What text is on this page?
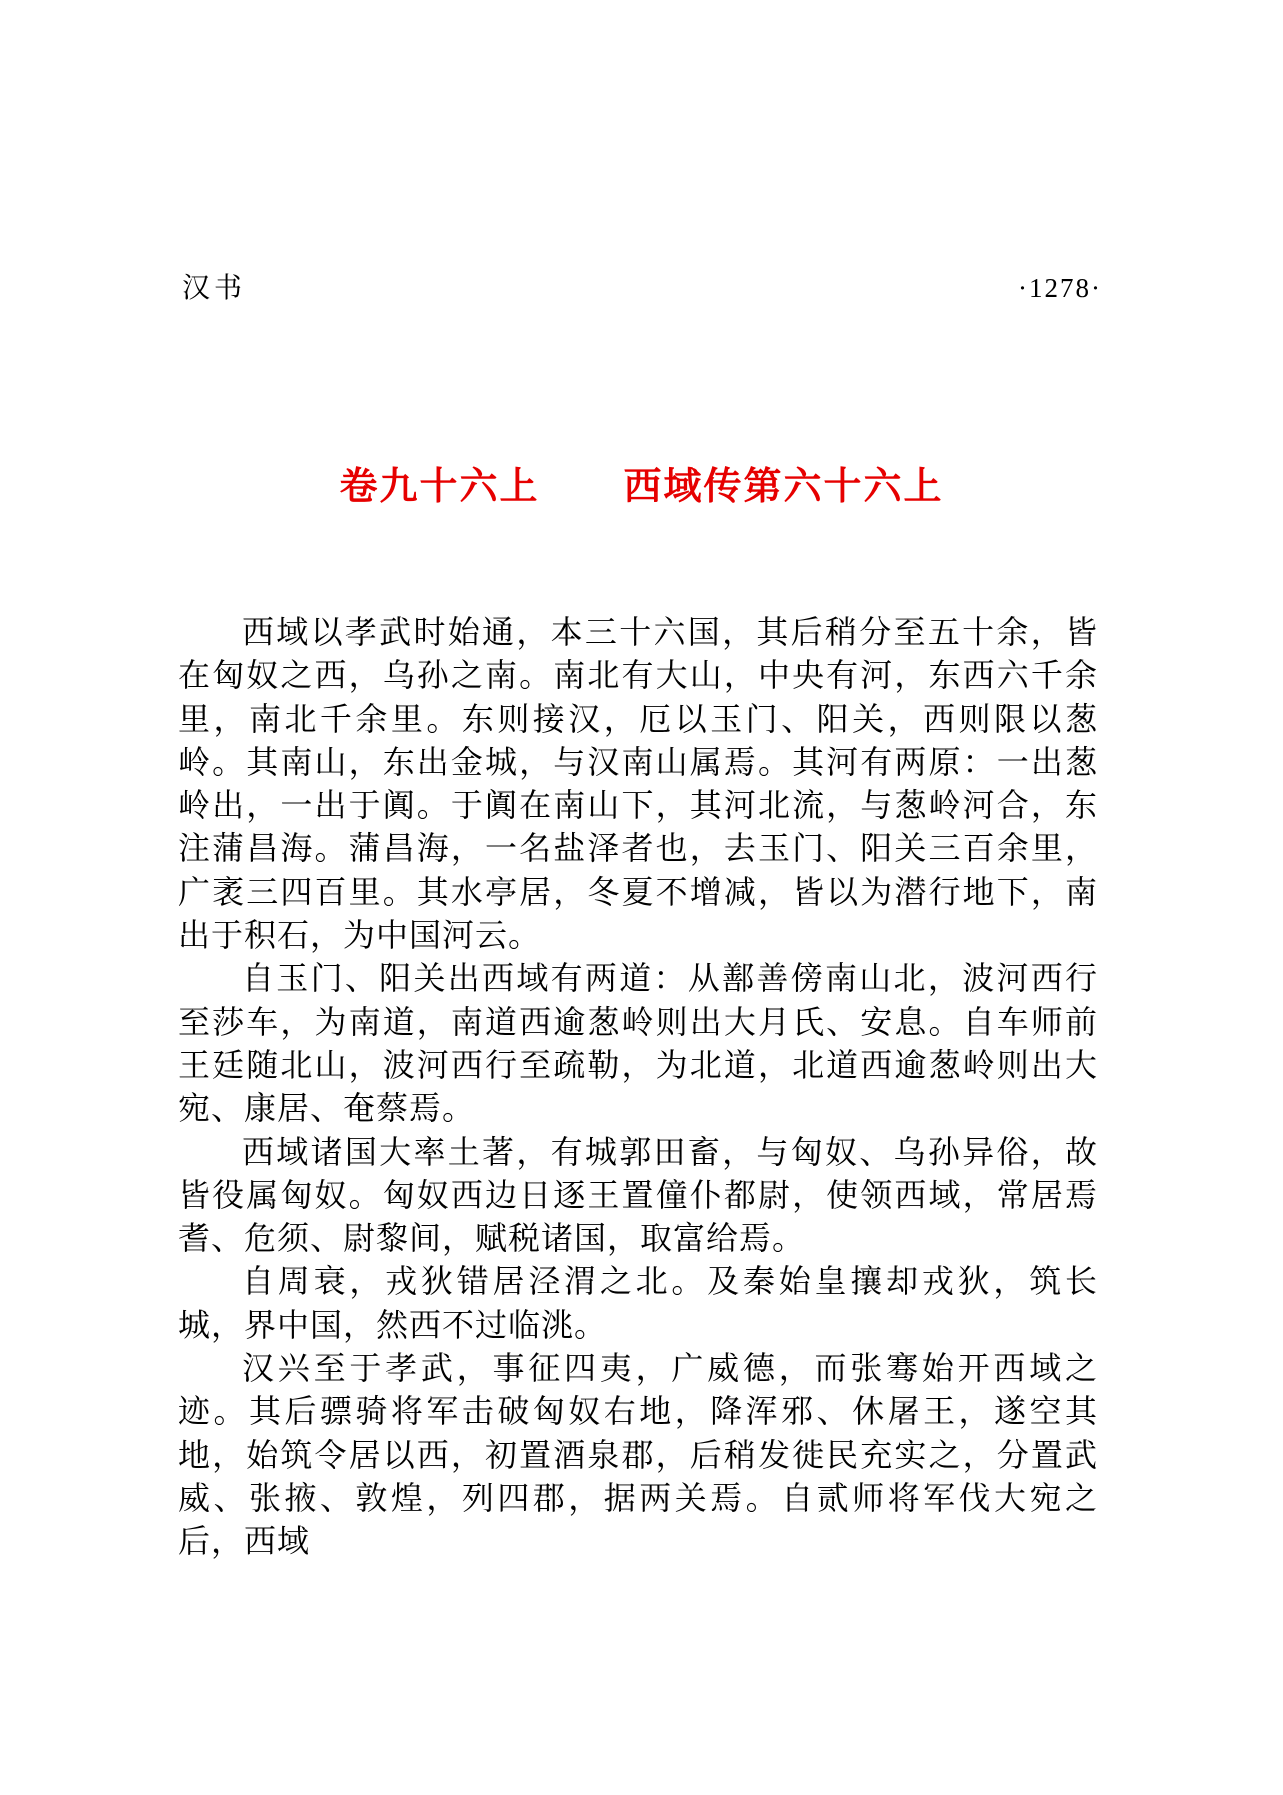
汉书	·1278·
卷九十六上 西域传第六十六上

西域以孝武时始通，本三十六国，其后稍分至五十余，皆在匈奴之西，乌孙之南。南北有大山，中央有河，东西六千余里，南北千余里。东则接汉，厄以玉门、阳关，西则限以葱岭。其南山，东出金城，与汉南山属焉。其河有两原：一出葱岭出，一出于阗。于阗在南山下，其河北流，与葱岭河合，东注蒲昌海。蒲昌海，一名盐泽者也，去玉门、阳关三百余里，广袤三四百里。其水亭居，冬夏不增减，皆以为潜行地下，南出于积石，为中国河云。

自玉门、阳关出西域有两道：从鄯善傍南山北，波河西行至莎车，为南道，南道西逾葱岭则出大月氏、安息。自车师前王廷随北山，波河西行至疏勒，为北道，北道西逾葱岭则出大宛、康居、奄蔡焉。

西域诸国大率土著，有城郭田畜，与匈奴、乌孙异俗，故皆役属匈奴。匈奴西边日逐王置僮仆都尉，使领西域，常居焉耆、危须、尉黎间，赋税诸国，取富给焉。

自周衰，戎狄错居泾渭之北。及秦始皇攘却戎狄，筑长城，界中国，然西不过临洮。

汉兴至于孝武，事征四夷，广威德，而张骞始开西域之迹。其后骠骑将军击破匈奴右地，降浑邪、休屠王，遂空其地，始筑令居以西，初置酒泉郡，后稍发徙民充实之，分置武威、张掖、敦煌，列四郡，据两关焉。自贰师将军伐大宛之后，西域
